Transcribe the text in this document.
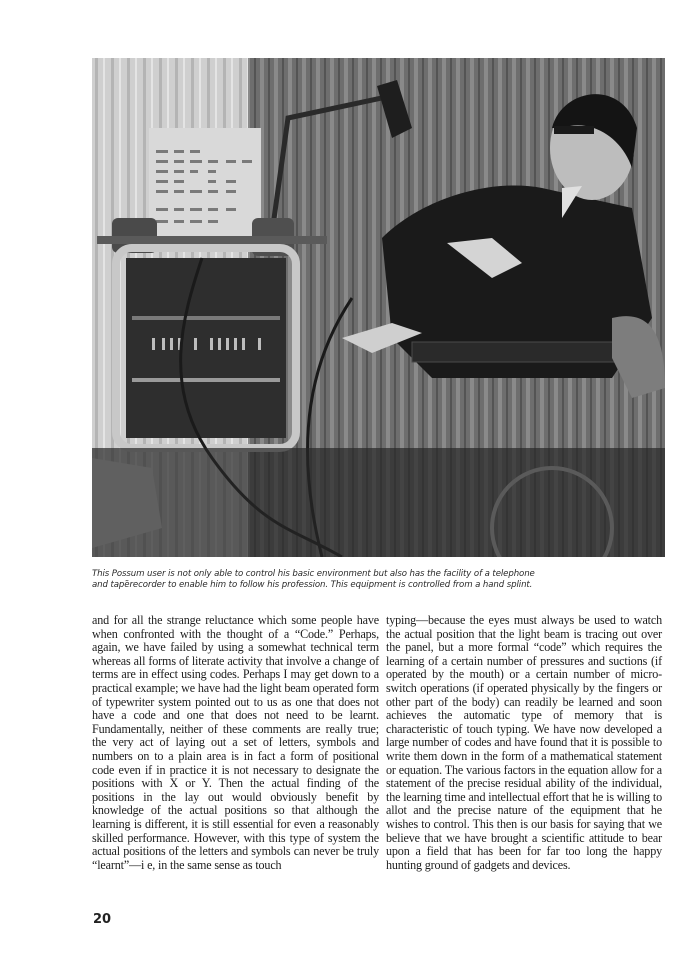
This Possum user is not only able to control his basic environment but also has the facility of a telephone
and tapẽrecorder to enable him to follow his profession. This equipment is controlled from a hand splint.

and for all the strange reluctance which some people have when confronted with the thought of a “Code.” Perhaps, again, we have failed by using a somewhat technical term whereas all forms of literate activity that involve a change of terms are in effect using codes. Perhaps I may get down to a practical example; we have had the light beam operated form of typewriter system pointed out to us as one that does not have a code and one that does not need to be learnt. Fundamentally, neither of these comments are really true; the very act of laying out a set of letters, symbols and numbers on to a plain area is in fact a form of positional code even if in practice it is not necessary to designate the positions with X or Y. Then the actual finding of the positions in the lay out would obviously benefit by knowledge of the actual positions so that although the learning is different, it is still essential for even a reasonably skilled performance. However, with this type of system the actual positions of the letters and symbols can never be truly “learnt”—i e, in the same sense as touch

typing—because the eyes must always be used to watch the actual position that the light beam is tracing out over the panel, but a more formal “code” which requires the learning of a certain number of pressures and suctions (if operated by the mouth) or a certain number of micro-switch operations (if operated physically by the fingers or other part of the body) can readily be learned and soon achieves the automatic type of memory that is characteristic of touch typing. We have now developed a large number of codes and have found that it is possible to write them down in the form of a mathematical statement or equation. The various factors in the equation allow for a statement of the precise residual ability of the individual, the learning time and intellectual effort that he is willing to allot and the precise nature of the equipment that he wishes to control. This then is our basis for saying that we believe that we have brought a scientific attitude to bear upon a field that has been for far too long the happy hunting ground of gadgets and devices.

20
